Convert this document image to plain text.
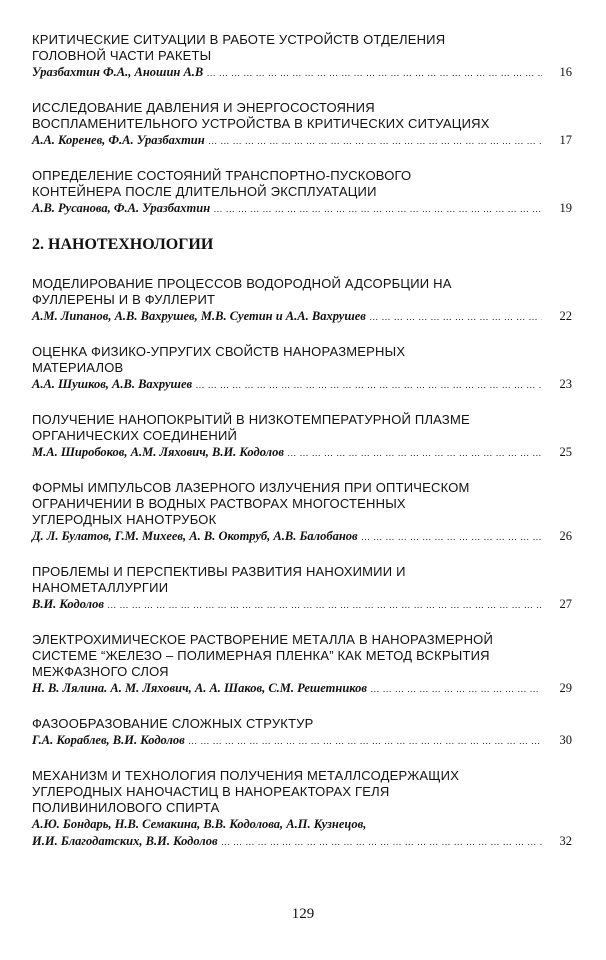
КРИТИЧЕСКИЕ СИТУАЦИИ В РАБОТЕ УСТРОЙСТВ ОТДЕЛЕНИЯ
ГОЛОВНОЙ ЧАСТИ РАКЕТЫ

Уразбахтин Ф.А., Аношин А.В … … … … … … … … … … … … … … … … … … … … … … … … … … … … … … … … … … … … … … … … … … … … … … … … … … … … … … … …	16

ИССЛЕДОВАНИЕ ДАВЛЕНИЯ И ЭНЕРГОСОСТОЯНИЯ
ВОСПЛАМЕНИТЕЛЬНОГО УСТРОЙСТВА В КРИТИЧЕСКИХ СИТУАЦИЯХ

А.А. Коренев, Ф.А. Уразбахтин … … … … … … … … … … … … … … … … … … … … … … … … … … … … … … … … … … … … … … … … … … … … … … … … … … … … … … … …	17

ОПРЕДЕЛЕНИЕ СОСТОЯНИЙ ТРАНСПОРТНО-ПУСКОВОГО
КОНТЕЙНЕРА ПОСЛЕ ДЛИТЕЛЬНОЙ ЭКСПЛУАТАЦИИ

А.В. Русанова, Ф.А. Уразбахтин … … … … … … … … … … … … … … … … … … … … … … … … … … … … … … … … … … … … … … … … … … … … … … … … … … … … … … … …	19
2. НАНОТЕХНОЛОГИИ

МОДЕЛИРОВАНИЕ ПРОЦЕССОВ ВОДОРОДНОЙ АДСОРБЦИИ НА
ФУЛЛЕРЕНЫ И В ФУЛЛЕРИТ

А.М. Липанов, А.В. Вахрушев, М.В. Суетин и А.А. Вахрушев … … … … … … … … … … … … … … … … … … … … … … … … … … … … … … … … … … … … … … … … … … … … … … … … … … … … … … … …	22

ОЦЕНКА ФИЗИКО-УПРУГИХ СВОЙСТВ НАНОРАЗМЕРНЫХ
МАТЕРИАЛОВ

А.А. Шушков, А.В. Вахрушев … … … … … … … … … … … … … … … … … … … … … … … … … … … … … … … … … … … … … … … … … … … … … … … … … … … … … … … …	23

ПОЛУЧЕНИЕ НАНОПОКРЫТИЙ В НИЗКОТЕМПЕРАТУРНОЙ ПЛАЗМЕ
ОРГАНИЧЕСКИХ СОЕДИНЕНИЙ

М.А. Широбоков, А.М. Ляхович, В.И. Кодолов … … … … … … … … … … … … … … … … … … … … … … … … … … … … … … … … … … … … … … … … … … … … … … … … … … … … … … … …	25

ФОРМЫ ИМПУЛЬСОВ ЛАЗЕРНОГО ИЗЛУЧЕНИЯ ПРИ ОПТИЧЕСКОМ
ОГРАНИЧЕНИИ В ВОДНЫХ РАСТВОРАХ МНОГОСТЕННЫХ
УГЛЕРОДНЫХ НАНОТРУБОК

Д. Л. Булатов, Г.М. Михеев, А. В. Окотруб, А.В. Балобанов … … … … … … … … … … … … … … … … … … … … … … … … … … … … … … … … … … … … … … … … … … … … … … … … … … … … … … … …	26

ПРОБЛЕМЫ И ПЕРСПЕКТИВЫ РАЗВИТИЯ НАНОХИМИИ И
НАНОМЕТАЛЛУРГИИ

В.И. Кодолов … … … … … … … … … … … … … … … … … … … … … … … … … … … … … … … … … … … … … … … … … … … … … … … … … … … … … … … …	27

ЭЛЕКТРОХИМИЧЕСКОЕ РАСТВОРЕНИЕ МЕТАЛЛА В НАНОРАЗМЕРНОЙ
СИСТЕМЕ “ЖЕЛЕЗО – ПОЛИМЕРНАЯ ПЛЕНКА” КАК МЕТОД ВСКРЫТИЯ
МЕЖФАЗНОГО СЛОЯ

Н. В. Лялина. А. М. Ляхович, А. А. Шаков, С.М. Решетников … … … … … … … … … … … … … … … … … … … … … … … … … … … … … … … … … … … … … … … … … … … … … … … … … … … … … … … …	29

ФАЗООБРАЗОВАНИЕ СЛОЖНЫХ СТРУКТУР

Г.А. Кораблев, В.И. Кодолов … … … … … … … … … … … … … … … … … … … … … … … … … … … … … … … … … … … … … … … … … … … … … … … … … … … … … … … …	30

МЕХАНИЗМ И ТЕХНОЛОГИЯ ПОЛУЧЕНИЯ МЕТАЛЛСОДЕРЖАЩИХ
УГЛЕРОДНЫХ НАНОЧАСТИЦ В НАНОРЕАКТОРАХ ГЕЛЯ
ПОЛИВИНИЛОВОГО СПИРТА

А.Ю. Бондарь, Н.В. Семакина, В.В. Кодолова, А.П. Кузнецов,
И.И. Благодатских, В.И. Кодолов … … … … … … … … … … … … … … … … … … … … … … … … … … … … … … … … … … … … … … … … … … … … … … … … … … … … … … … …	32
129
